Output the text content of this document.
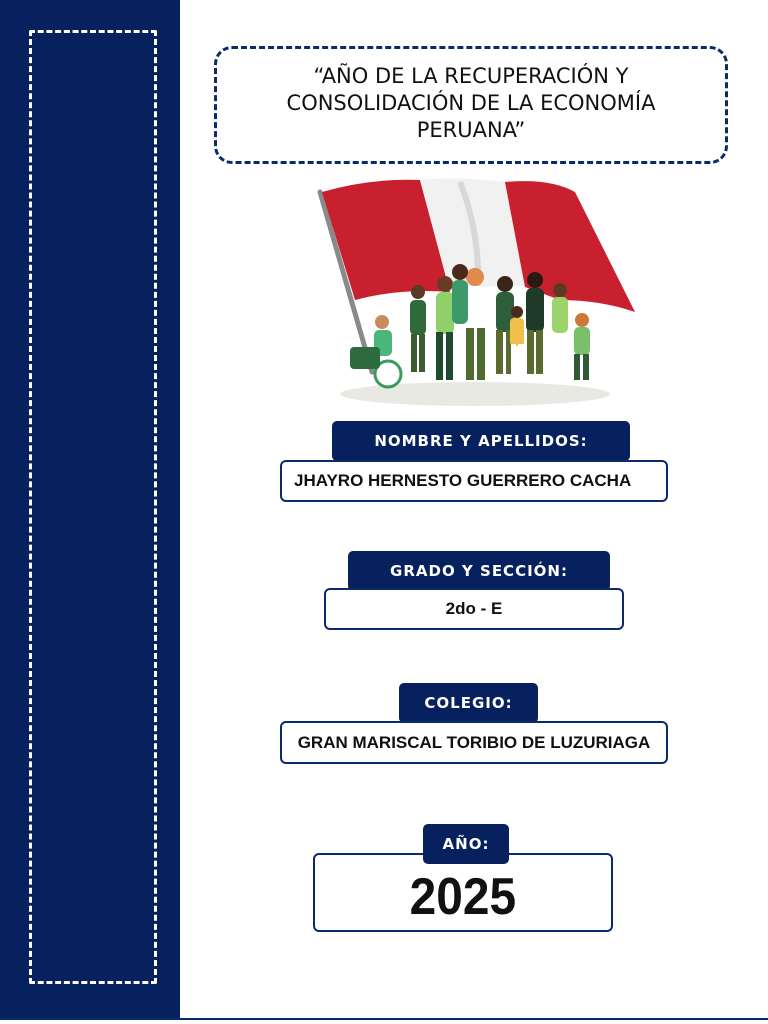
“AÑO DE LA RECUPERACIÓN Y CONSOLIDACIÓN DE LA ECONOMÍA PERUANA”
NOMBRE Y APELLIDOS:
JHAYRO HERNESTO GUERRERO CACHA
GRADO Y SECCIÓN:
2do - E
COLEGIO:
GRAN MARISCAL TORIBIO DE LUZURIAGA
2025
AÑO:
